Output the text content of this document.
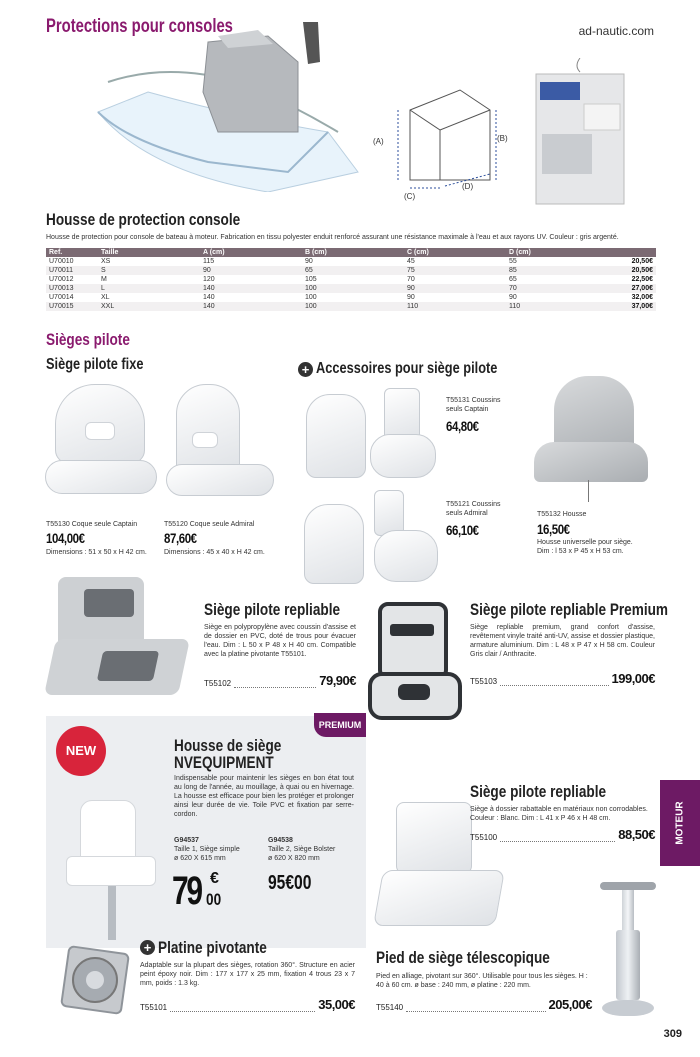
Protections pour consoles	ad-nautic.com
(A)	(B)
(C)
(D)
Housse de protection console
Housse de protection pour console de bateau à moteur. Fabrication en tissu polyester enduit renforcé assurant une résistance maximale à l'eau et aux rayons UV. Couleur : gris argenté.
Ref.	Taille	A (cm)	B (cm)	C (cm)	D (cm)	
U70010	XS	115	90	45	55	20,50€
U70011	S	90	65	75	85	20,50€
U70012	M	120	105	70	65	22,50€
U70013	L	140	100	90	70	27,00€
U70014	XL	140	100	90	90	32,00€
U70015	XXL	140	100	110	110	37,00€
Sièges pilote
Siège pilote fixe
T55130 Coque seule Captain
104,00€
Dimensions : 51 x 50 x H 42 cm.
T55120 Coque seule Admiral
87,60€
Dimensions : 45 x 40 x H 42 cm.
+ Accessoires pour siège pilote
T55131 Coussins
seuls Captain
64,80€
T55121 Coussins
seuls Admiral
66,10€
T55132 Housse
16,50€
Housse universelle pour siège.
Dim : l 53 x P 45 x H 53 cm.
Siège pilote repliable
Siège en polypropylène avec coussin d'assise et de dossier en PVC, doté de trous pour évacuer l'eau. Dim : L 50 x P 48 x H 40 cm. Compatible avec la platine pivotante T55101.
T55102	79,90€
Siège pilote repliable Premium
Siège repliable premium, grand confort d'assise, revêtement vinyle traité anti-UV, assise et dossier plastique, armature aluminium. Dim : L 48 x P 47 x H 58 cm. Couleur Gris clair / Anthracite.
T55103	199,00€
PREMIUM
NEW	Housse de siège
NVEQUIPMENT
Indispensable pour maintenir les sièges en bon état tout au long de l'année, au mouillage, à quai ou en hivernage. La housse est efficace pour bien les protéger et prolonger ainsi leur durée de vie. Toile PVC et fixation par serre-cordon.
G94537
Taille 1, Siège simple
ø 620 X 615 mm
G94538
Taille 2, Siège Bolster
ø 620 X 820 mm
79 €
00
95€00
Siège pilote repliable
Siège à dossier rabattable en matériaux non corrodables. Couleur : Blanc. Dim : L 41 x P 46 x H 48 cm.
T55100	88,50€ MOTEUR
+ Platine pivotante
Adaptable sur la plupart des sièges, rotation 360°. Structure en acier peint époxy noir. Dim : 177 x 177 x 25 mm, fixation 4 trous 23 x 7 mm, poids : 1.3 kg.
T55101	35,00€
Pied de siège télescopique
Pied en alliage, pivotant sur 360°. Utilisable pour tous les sièges. H : 40 à 60 cm. ø base : 240 mm, ø platine : 220 mm.
T55140	205,00€
309
